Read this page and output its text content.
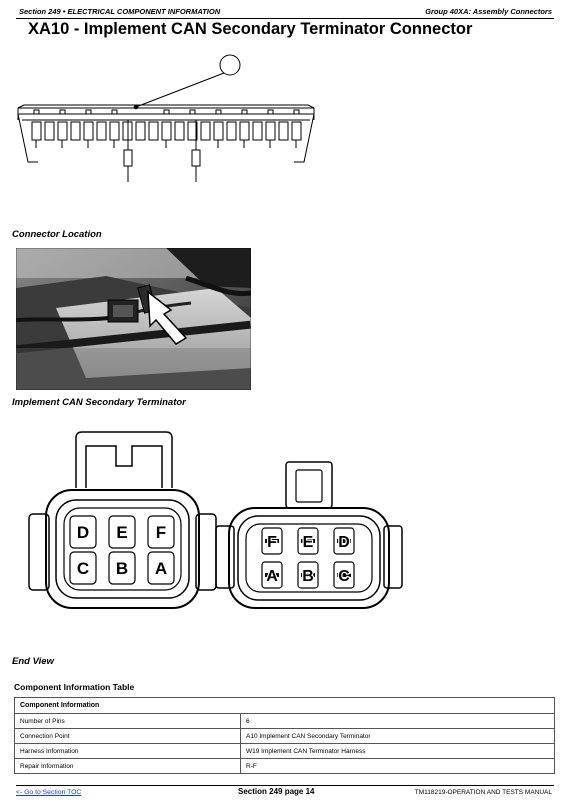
Section 249 • ELECTRICAL COMPONENT INFORMATION	Group 40XA: Assembly Connectors
XA10 - Implement CAN Secondary Terminator Connector
Connector Location
Implement CAN Secondary Terminator
D E F
C B A
F E D
A B C
End View
Component Information Table
Component Information	
Number of Pins	6
Connection Point	A10 Implement CAN Secondary Terminator
Harness Information	W19 Implement CAN Terminator Harness
Repair Information	R-F
<- Go to Section TOC	Section 249 page 14	TM118219-OPERATION AND TESTS MANUAL
